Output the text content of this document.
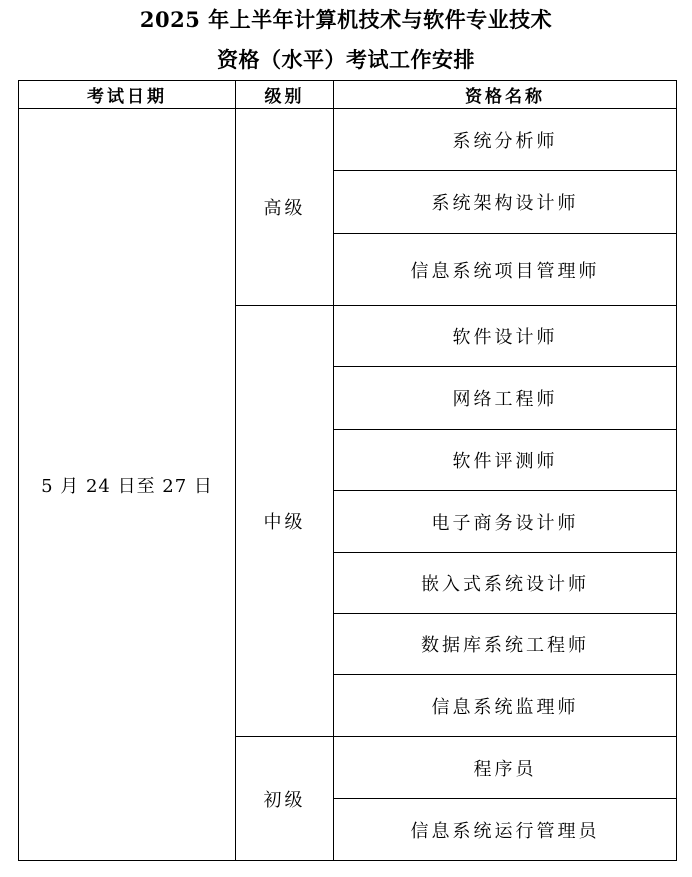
2025 年上半年计算机技术与软件专业技术
资格（水平）考试工作安排
考试日期	级别	资格名称
5 月 24 日至 27 日	高级	系统分析师
		系统架构设计师
		信息系统项目管理师
	中级	软件设计师
		网络工程师
		软件评测师
		电子商务设计师
		嵌入式系统设计师
		数据库系统工程师
		信息系统监理师
	初级	程序员
		信息系统运行管理员
